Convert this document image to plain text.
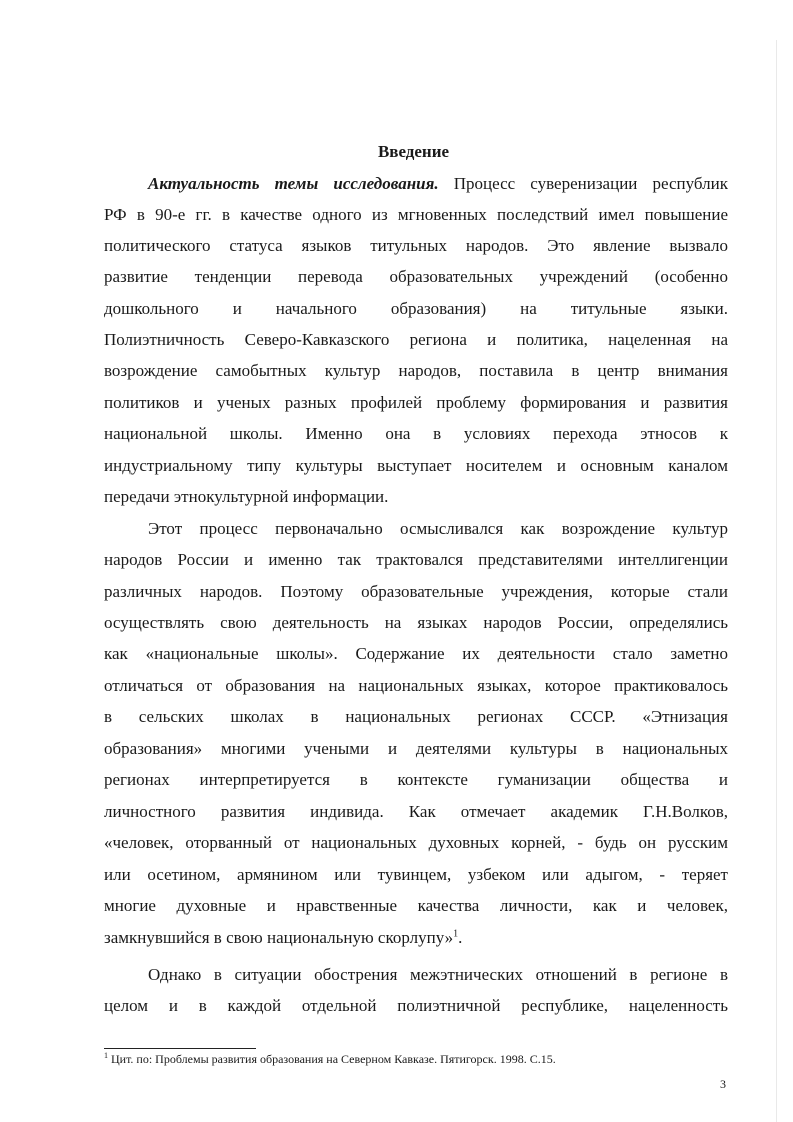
Введение
Актуальность темы исследования. Процесс суверенизации республик
РФ в 90-е гг. в качестве одного из мгновенных последствий имел повышение
политического статуса языков титульных народов. Это явление вызвало
развитие тенденции перевода образовательных учреждений (особенно
дошкольного и начального образования) на титульные языки.
Полиэтничность Северо-Кавказского региона и политика, нацеленная на
возрождение самобытных культур народов, поставила в центр внимания
политиков и ученых разных профилей проблему формирования и развития
национальной школы. Именно она в условиях перехода этносов к
индустриальному типу культуры выступает носителем и основным каналом
передачи этнокультурной информации.
Этот процесс первоначально осмысливался как возрождение культур
народов России и именно так трактовался представителями интеллигенции
различных народов. Поэтому образовательные учреждения, которые стали
осуществлять свою деятельность на языках народов России, определялись
как «национальные школы». Содержание их деятельности стало заметно
отличаться от образования на национальных языках, которое практиковалось
в сельских школах в национальных регионах СССР. «Этнизация
образования» многими учеными и деятелями культуры в национальных
регионах интерпретируется в контексте гуманизации общества и
личностного развития индивида. Как отмечает академик Г.Н.Волков,
«человек, оторванный от национальных духовных корней, - будь он русским
или осетином, армянином или тувинцем, узбеком или адыгом, - теряет
многие духовные и нравственные качества личности, как и человек,
замкнувшийся в свою национальную скорлупу»$^1$.
Однако в ситуации обострения межэтнических отношений в регионе в
целом и в каждой отдельной полиэтничной республике, нацеленность
$^1$ Цит. по: Проблемы развития образования на Северном Кавказе. Пятигорск. 1998. С.15.
3
